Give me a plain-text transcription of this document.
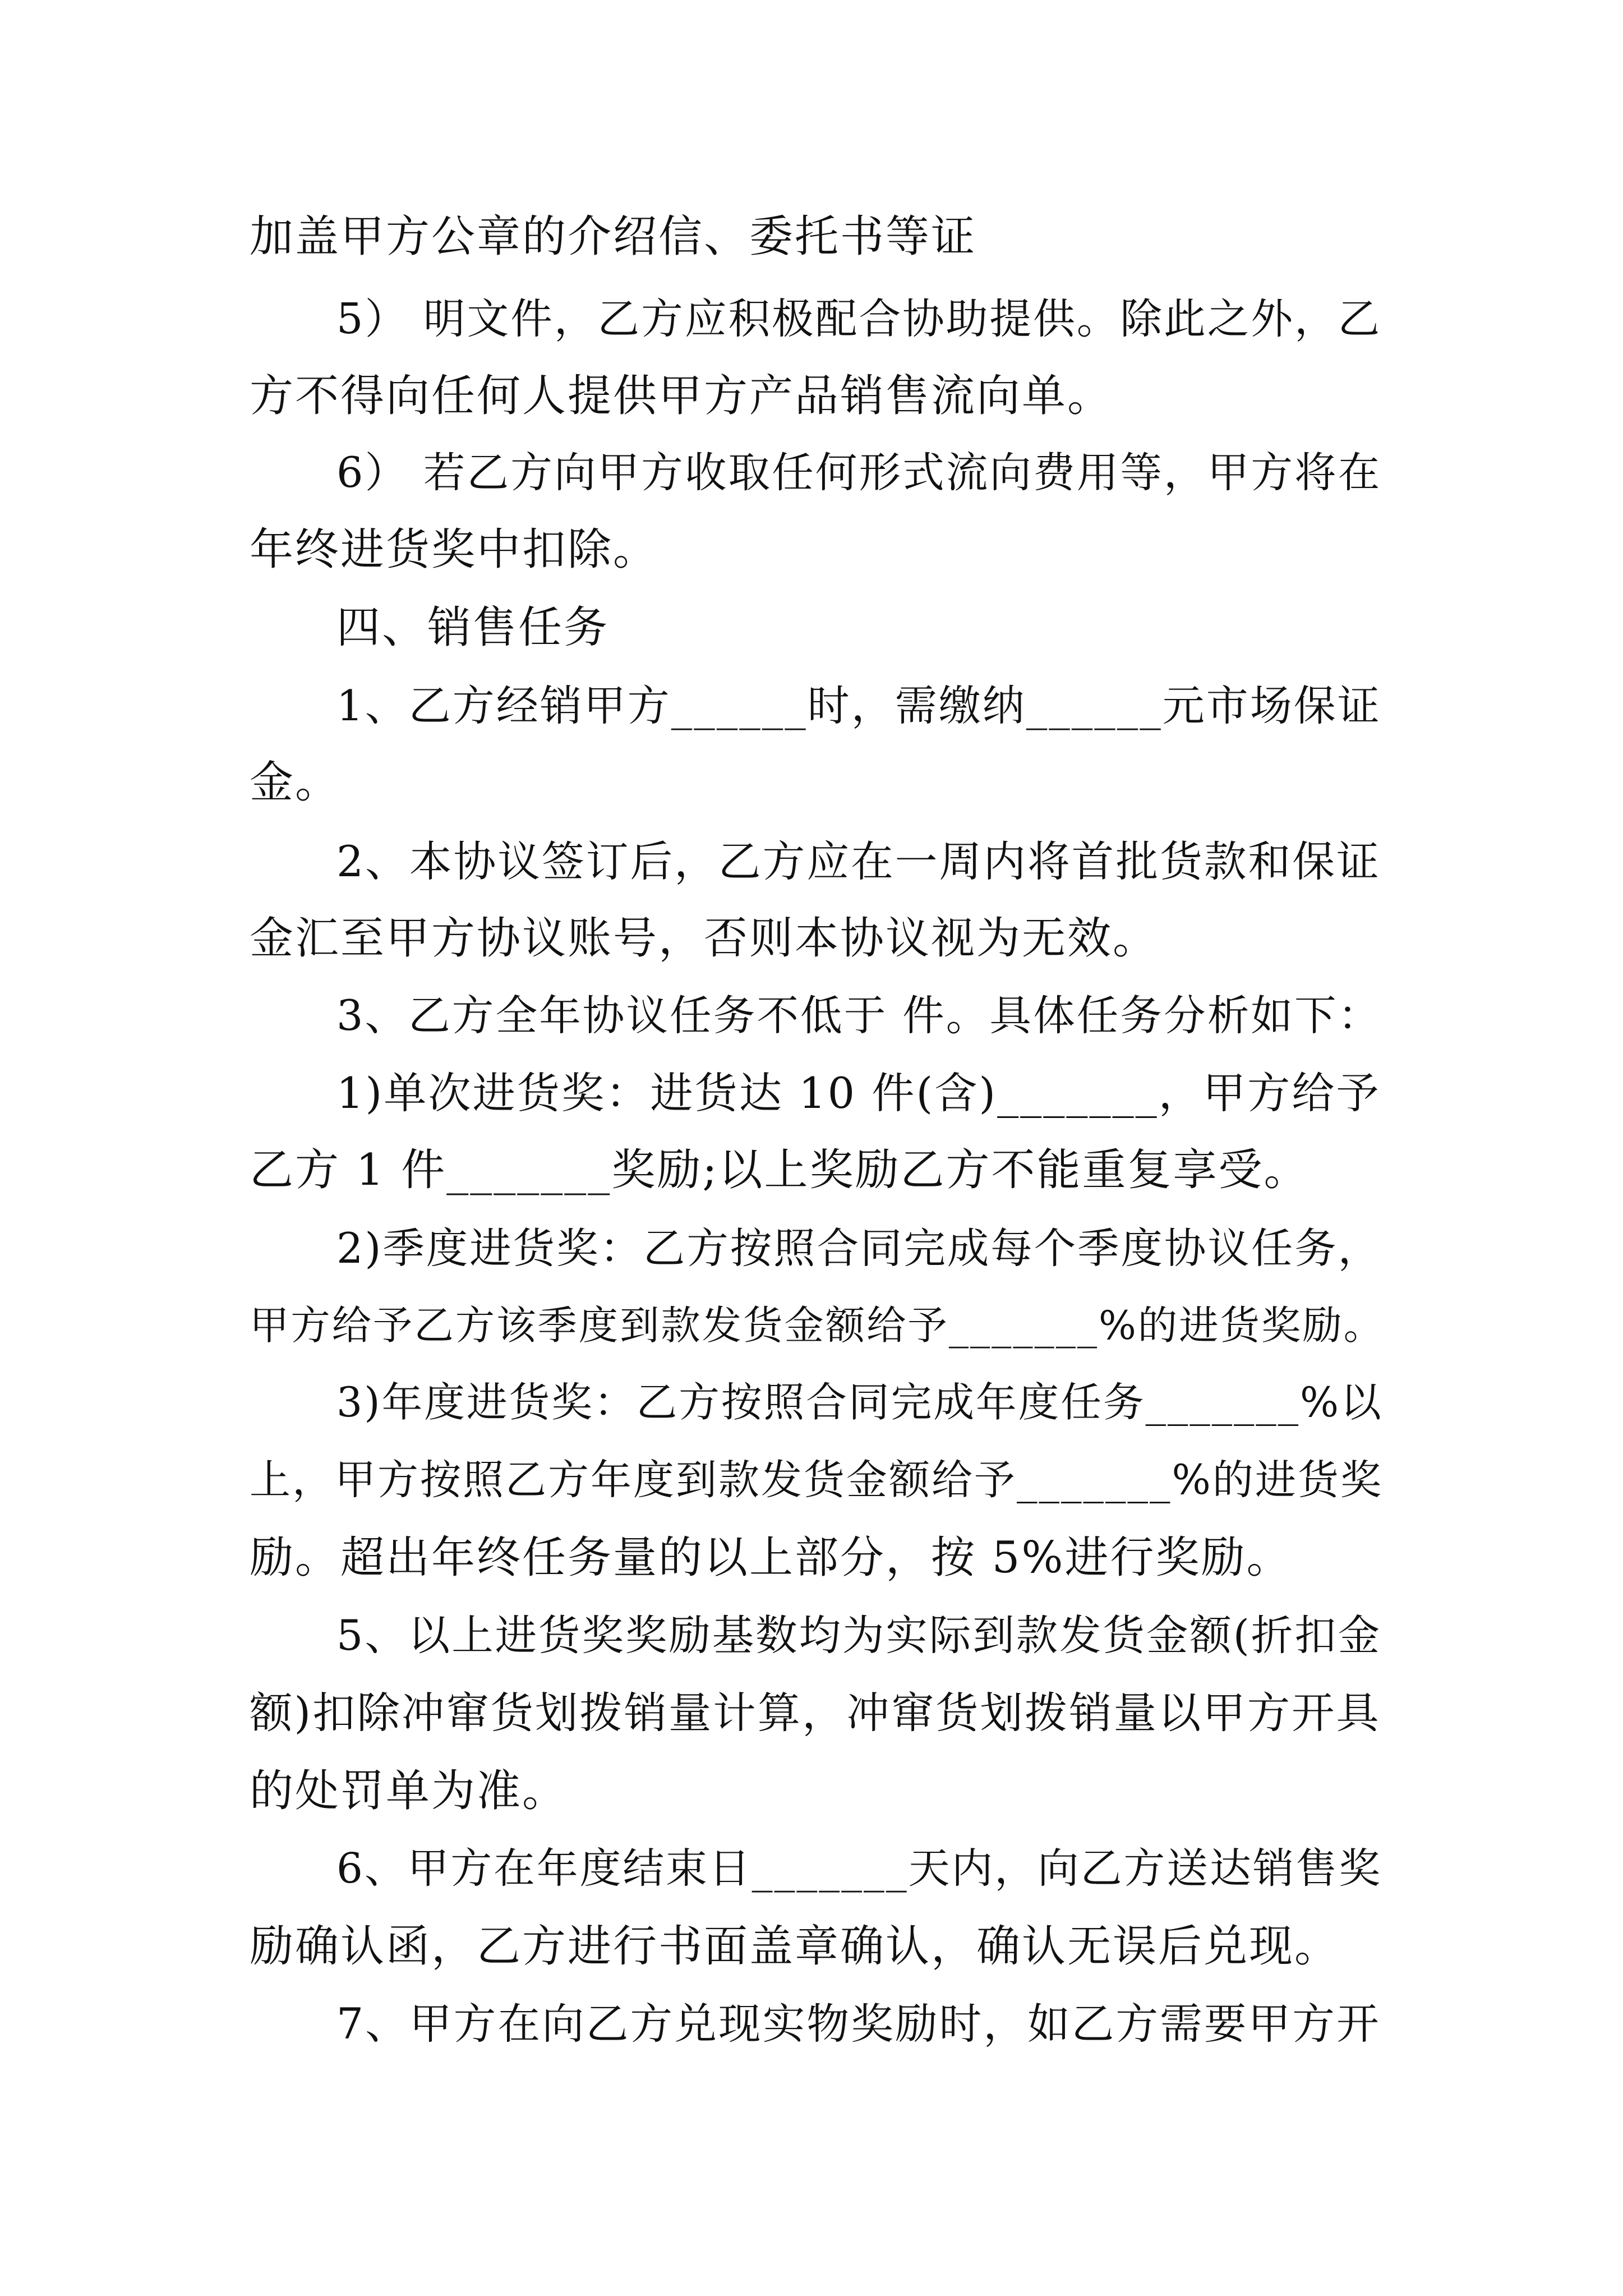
加盖甲方公章的介绍信、委托书等证
5） 明文件，乙方应积极配合协助提供。除此之外，乙
方不得向任何人提供甲方产品销售流向单。
6） 若乙方向甲方收取任何形式流向费用等，甲方将在
年终进货奖中扣除。
四、销售任务
1、乙方经销甲方______时，需缴纳______元市场保证
金。
2、本协议签订后，乙方应在一周内将首批货款和保证
金汇至甲方协议账号，否则本协议视为无效。
3、乙方全年协议任务不低于 件。具体任务分析如下：
1)单次进货奖：进货达 10 件(含)_______，甲方给予
乙方 1 件_______奖励;以上奖励乙方不能重复享受。
2)季度进货奖：乙方按照合同完成每个季度协议任务，
甲方给予乙方该季度到款发货金额给予_______%的进货奖励。
3)年度进货奖：乙方按照合同完成年度任务_______%以
上，甲方按照乙方年度到款发货金额给予_______%的进货奖
励。超出年终任务量的以上部分，按 5%进行奖励。
5、以上进货奖奖励基数均为实际到款发货金额(折扣金
额)扣除冲窜货划拨销量计算，冲窜货划拨销量以甲方开具
的处罚单为准。
6、甲方在年度结束日_______天内，向乙方送达销售奖
励确认函，乙方进行书面盖章确认，确认无误后兑现。
7、甲方在向乙方兑现实物奖励时，如乙方需要甲方开
